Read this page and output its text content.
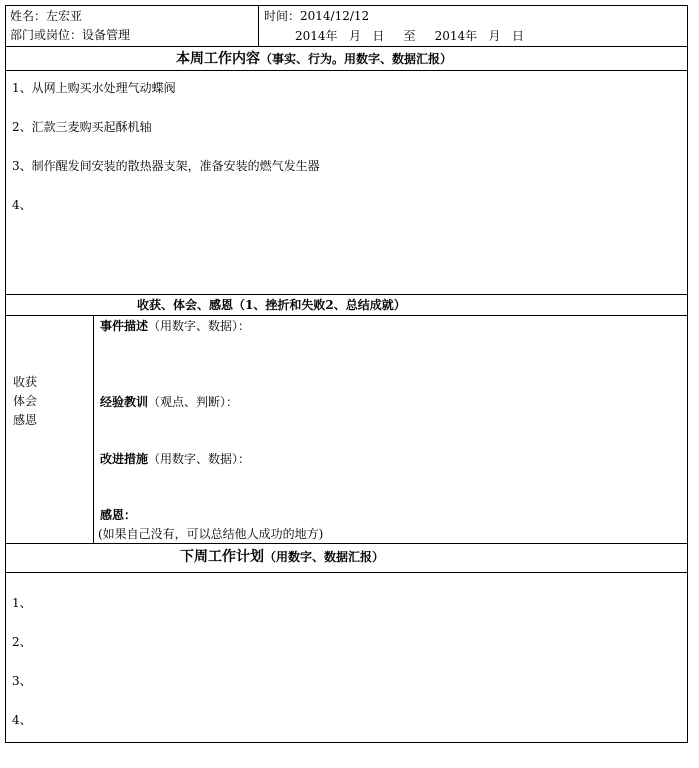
姓名：左宏亚
部门或岗位：设备管理
时间：2014/12/12
2014年   月   日     至     2014年   月   日
本周工作内容（事实、行为。用数字、数据汇报）
1、从网上购买水处理气动蝶阀
2、汇款三麦购买起酥机轴
3、制作醒发间安装的散热器支架，准备安装的燃气发生器
4、
收获、体会、感恩（1、挫折和失败2、总结成就）
收获
体会
感恩
事件描述（用数字、数据）：
经验教训（观点、判断）：
改进措施（用数字、数据）：
感恩：
(如果自己没有，可以总结他人成功的地方)
下周工作计划（用数字、数据汇报）
1、
2、
3、
4、
